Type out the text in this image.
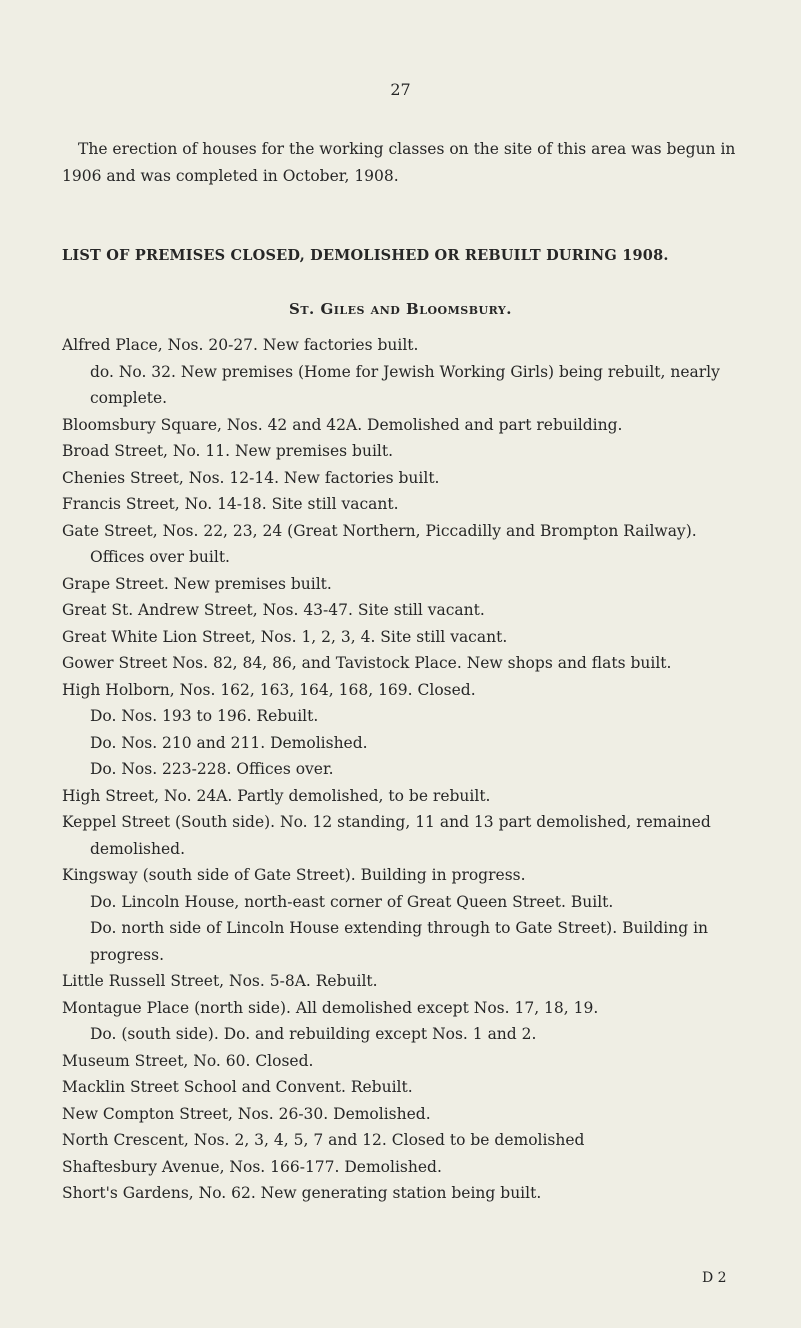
27

The erection of houses for the working classes on the site of this area was begun in 1906 and was completed in October, 1908.

LIST OF PREMISES CLOSED, DEMOLISHED OR REBUILT DURING 1908.
St. Giles and Bloomsbury.
Alfred Place, Nos. 20-27. New factories built.
do. No. 32. New premises (Home for Jewish Working Girls) being rebuilt, nearly complete.
Bloomsbury Square, Nos. 42 and 42A. Demolished and part rebuilding.
Broad Street, No. 11. New premises built.
Chenies Street, Nos. 12-14. New factories built.
Francis Street, No. 14-18. Site still vacant.
Gate Street, Nos. 22, 23, 24 (Great Northern, Piccadilly and Brompton Railway). Offices over built.
Grape Street. New premises built.
Great St. Andrew Street, Nos. 43-47. Site still vacant.
Great White Lion Street, Nos. 1, 2, 3, 4. Site still vacant.
Gower Street Nos. 82, 84, 86, and Tavistock Place. New shops and flats built.
High Holborn, Nos. 162, 163, 164, 168, 169. Closed.
Do. Nos. 193 to 196. Rebuilt.
Do. Nos. 210 and 211. Demolished.
Do. Nos. 223-228. Offices over.
High Street, No. 24A. Partly demolished, to be rebuilt.
Keppel Street (South side). No. 12 standing, 11 and 13 part demolished, remained demolished.
Kingsway (south side of Gate Street). Building in progress.
Do. Lincoln House, north-east corner of Great Queen Street. Built.
Do. north side of Lincoln House extending through to Gate Street). Building in progress.
Little Russell Street, Nos. 5-8A. Rebuilt.
Montague Place (north side). All demolished except Nos. 17, 18, 19.
Do. (south side). Do. and rebuilding except Nos. 1 and 2.
Museum Street, No. 60. Closed.
Macklin Street School and Convent. Rebuilt.
New Compton Street, Nos. 26-30. Demolished.
North Crescent, Nos. 2, 3, 4, 5, 7 and 12. Closed to be demolished
Shaftesbury Avenue, Nos. 166-177. Demolished.
Short's Gardens, No. 62. New generating station being built.
D 2
